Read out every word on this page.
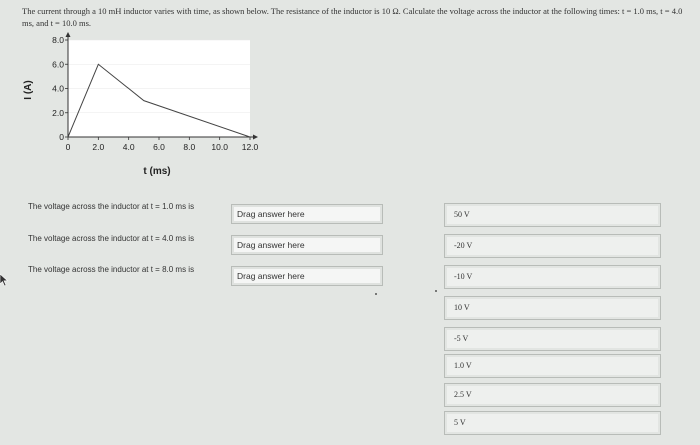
The current through a 10 mH inductor varies with time, as shown below. The resistance of the inductor is 10 Ω. Calculate the voltage across the inductor at the following times: t = 1.0 ms, t = 4.0 ms, and t = 10.0 ms.
0
2.0
4.0
6.0
8.0
0	2.0 4.0 6.0 8.0 10.0 12.0
I (A)
t (ms)
The voltage across the inductor at t = 1.0 ms is
Drag answer here
The voltage across the inductor at t = 4.0 ms is
Drag answer here
The voltage across the inductor at t = 8.0 ms is
Drag answer here
50 V
-20 V
-10 V
10 V
-5 V
1.0 V
2.5 V
5 V
